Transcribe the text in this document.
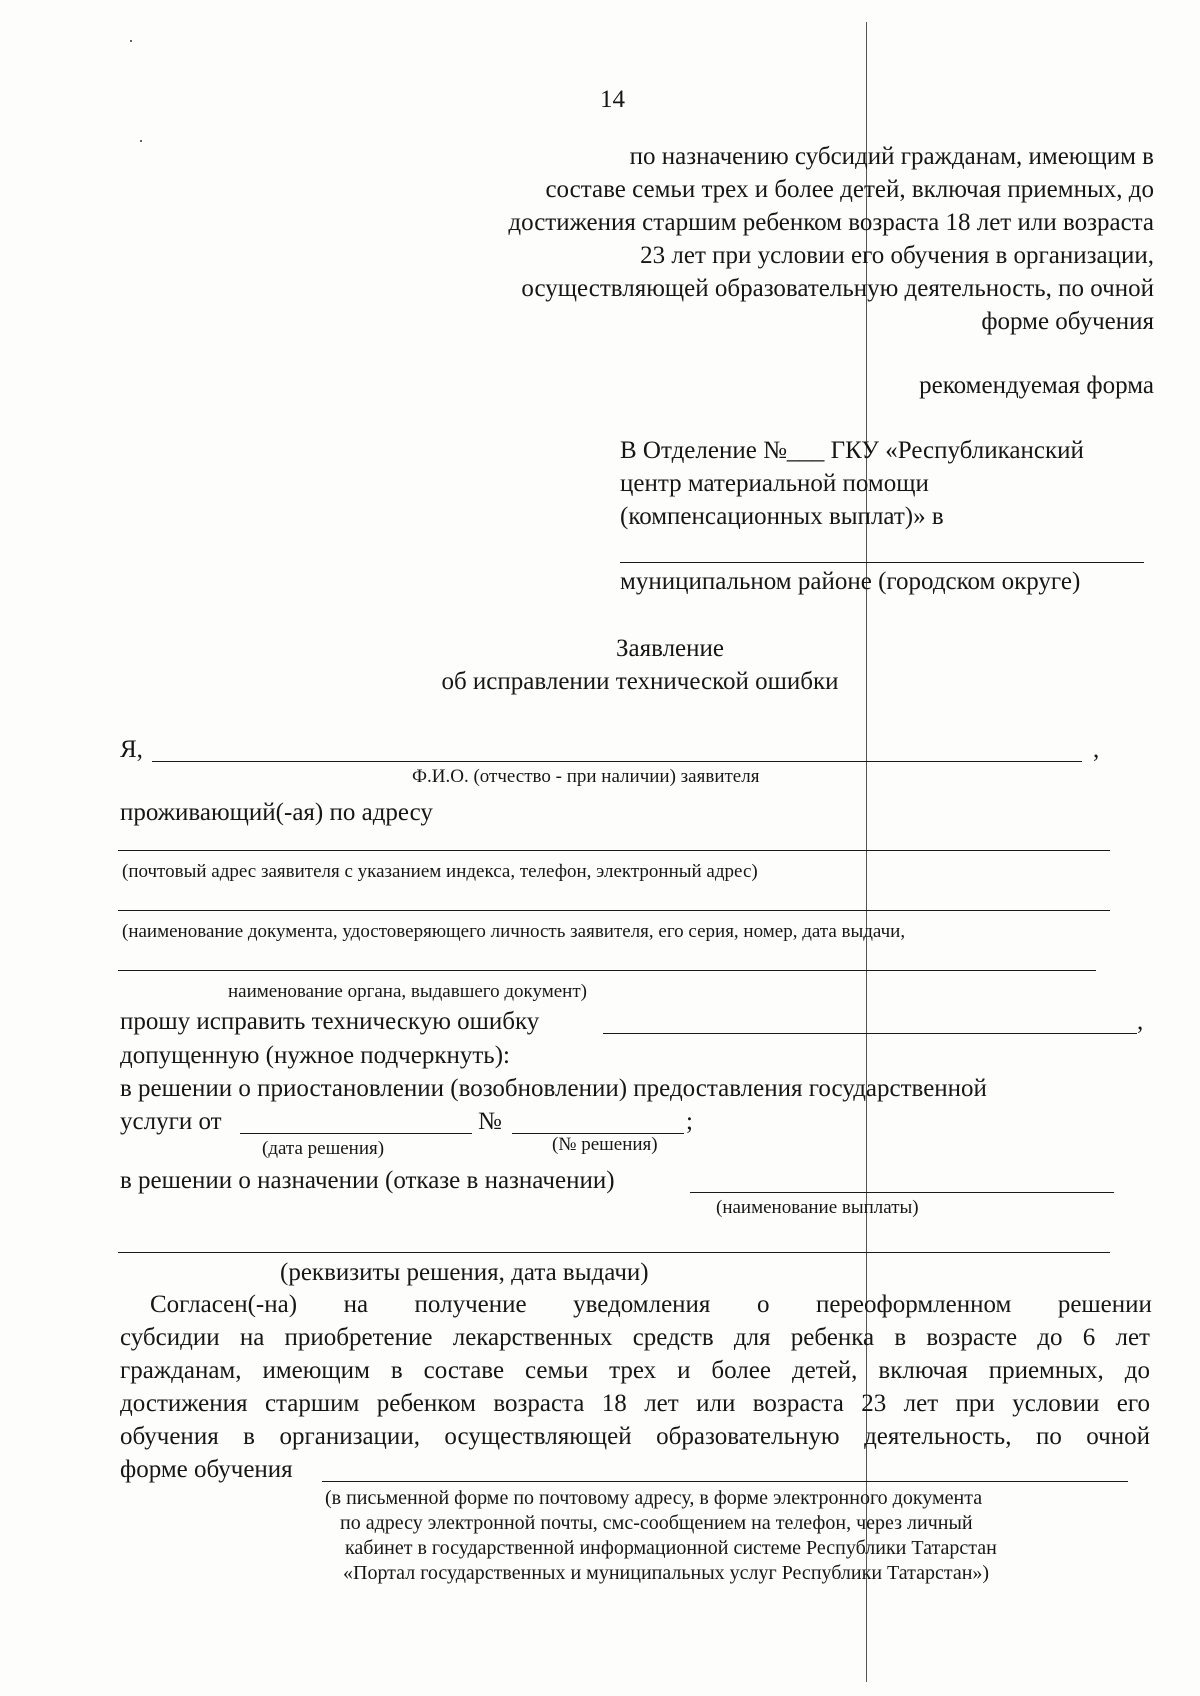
14
по назначению субсидий гражданам, имеющим в
составе семьи трех и более детей, включая приемных, до
достижения старшим ребенком возраста 18 лет или возраста
23 лет при условии его обучения в организации,
осуществляющей образовательную деятельность, по очной
форме обучения
рекомендуемая форма
В Отделение №___ ГКУ «Республиканский
центр материальной помощи
(компенсационных выплат)» в
муниципальном районе (городском округе)
Заявление
об исправлении технической ошибки
Я,	,
Ф.И.О. (отчество - при наличии) заявителя
проживающий(-ая) по адресу
(почтовый адрес заявителя с указанием индекса, телефон, электронный адрес)
(наименование документа, удостоверяющего личность заявителя, его серия, номер, дата выдачи,
наименование органа, выдавшего документ)
прошу исправить техническую ошибку	,
допущенную (нужное подчеркнуть):
в решении о приостановлении (возобновлении) предоставления государственной
услуги от	№	;
(дата решения)	(№ решения)
в решении о назначении (отказе в назначении)
(наименование выплаты)
(реквизиты решения, дата выдачи)
Согласен(-на) на получение уведомления о переоформленном решении
субсидии на приобретение лекарственных средств для ребенка в возрасте до 6 лет
гражданам, имеющим в составе семьи трех и более детей, включая приемных, до
достижения старшим ребенком возраста 18 лет или возраста 23 лет при условии его
обучения в организации, осуществляющей образовательную деятельность, по очной
форме обучения
(в письменной форме по почтовому адресу, в форме электронного документа
по адресу электронной почты, смс-сообщением на телефон, через личный
кабинет в государственной информационной системе Республики Татарстан
«Портал государственных и муниципальных услуг Республики Татарстан»)
